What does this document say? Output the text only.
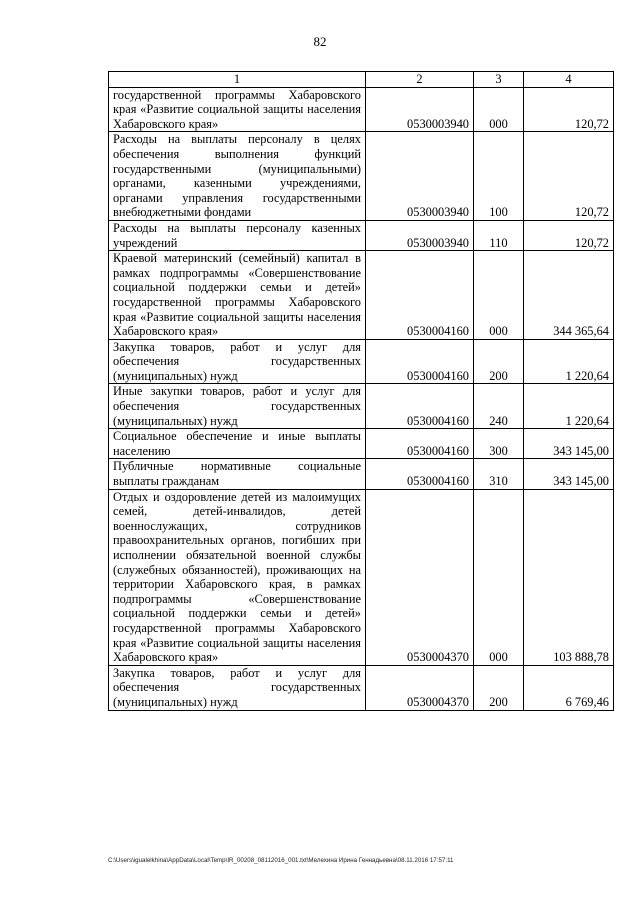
82
1	2	3	4
государственной программы Хабаровского края «Развитие социальной защиты населения Хабаровского края»	0530003940	000	120,72
Расходы на выплаты персоналу в целях обеспечения выполнения функций государственными (муниципальными) органами, казенными учреждениями, органами управления государственными внебюджетными фондами	0530003940	100	120,72
Расходы на выплаты персоналу казенных учреждений	0530003940	110	120,72
Краевой материнский (семейный) капитал в рамках подпрограммы «Совершенствование социальной поддержки семьи и детей» государственной программы Хабаровского края «Развитие социальной защиты населения Хабаровского края»	0530004160	000	344 365,64
Закупка товаров, работ и услуг для обеспечения государственных (муниципальных) нужд	0530004160	200	1 220,64
Иные закупки товаров, работ и услуг для обеспечения государственных (муниципальных) нужд	0530004160	240	1 220,64
Социальное обеспечение и иные выплаты населению	0530004160	300	343 145,00
Публичные нормативные социальные выплаты гражданам	0530004160	310	343 145,00
Отдых и оздоровление детей из малоимущих семей, детей-инвалидов, детей военнослужащих, сотрудников правоохранительных органов, погибших при исполнении обязательной военной службы (служебных обязанностей), проживающих на территории Хабаровского края, в рамках подпрограммы «Совершенствование социальной поддержки семьи и детей» государственной программы Хабаровского края «Развитие социальной защиты населения Хабаровского края»	0530004370	000	103 888,78
Закупка товаров, работ и услуг для обеспечения государственных (муниципальных) нужд	0530004370	200	6 769,46
C:\Users\igualelkhina\AppData\Local\Temp\IR_00208_08112016_001.txt\Мелехина Ирина Геннадьевна\08.11.2016 17:57:11
